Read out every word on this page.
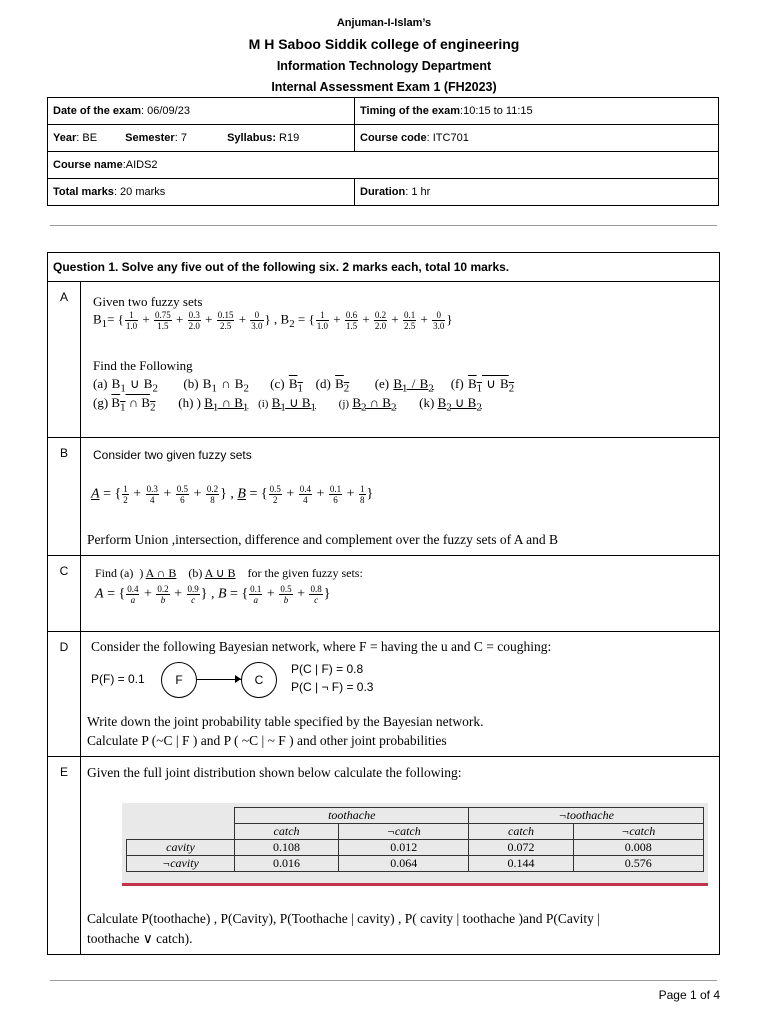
Anjuman-I-Islam’s
M H Saboo Siddik college of engineering
Information Technology Department
Internal Assessment Exam 1 (FH2023)
Date of the exam: 06/09/23	Timing of the exam:10:15 to 11:15
Year: BE Semester: 7 Syllabus: R19	Course code: ITC701
Course name:AIDS2	
Total marks: 20 marks	Duration: 1 hr
Question 1. Solve any five out of the following six. 2 marks each, total 10 marks.
A	Given two fuzzy sets
$B_1=$ { $\frac{1}{1.0} + \frac{0.75}{1.5} + \frac{0.3}{2.0} + \frac{0.15}{2.5} + \frac{0}{3.0}$ } , $B_2$ = { $\frac{1}{1.0} + \frac{0.6}{1.5} + \frac{0.2}{2.0} + \frac{0.1}{2.5} + \frac{0}{3.0}$ }
Find the Following
(a) $B_1$ ∪ $B_2$      (b) $B_1$ ∩ $B_2$     (c) $B_1$   (d) $B_2$      (e) $B_1 / B_2$    (f) $B_1$ ∪ $B_2$
(g) $B_1$ ∩ $B_2$       (h) ) $B_1$ ∩ $B_1$ (i) $B_1$ ∪ $B_1$ (j) $B_2$ ∩ $B_2$       (k) $B_2$ ∪ $B_2$

B	Consider two given fuzzy sets
A = { $\frac{1}{2} + \frac{0.3}{4} + \frac{0.5}{6} + \frac{0.2}{8}$ } , B = { $\frac{0.5}{2} + \frac{0.4}{4} + \frac{0.1}{6} + \frac{1}{8}$ }
Perform Union ,intersection, difference and complement over the fuzzy sets of A and B

C	Find (a)  ) A ∩ B    (b) A ∪ B for the given fuzzy sets:
A = { $\frac{0.4}{a} + \frac{0.2}{b} + \frac{0.9}{c}$ } , B = { $\frac{0.1}{a} + \frac{0.5}{b} + \frac{0.8}{c}$ }

D	Consider the following Bayesian network, where F = having the u and C = coughing:
P(F) = 0.1	F	C
P(C | F) = 0.8
P(C | ¬ F) = 0.3
Write down the joint probability table specified by the Bayesian network.
Calculate P (~C | F ) and P ( ~C | ~ F ) and other joint probabilities

E	Given the full joint distribution shown below calculate the following:
	toothache	¬toothache
	catch	¬catch	catch	¬catch
cavity	0.108	0.012	0.072	0.008
¬cavity	0.016	0.064	0.144	0.576
Calculate P(toothache) , P(Cavity), P(Toothache | cavity) , P( cavity | toothache )and P(Cavity |
toothache ∨ catch).
Page 1 of 4
